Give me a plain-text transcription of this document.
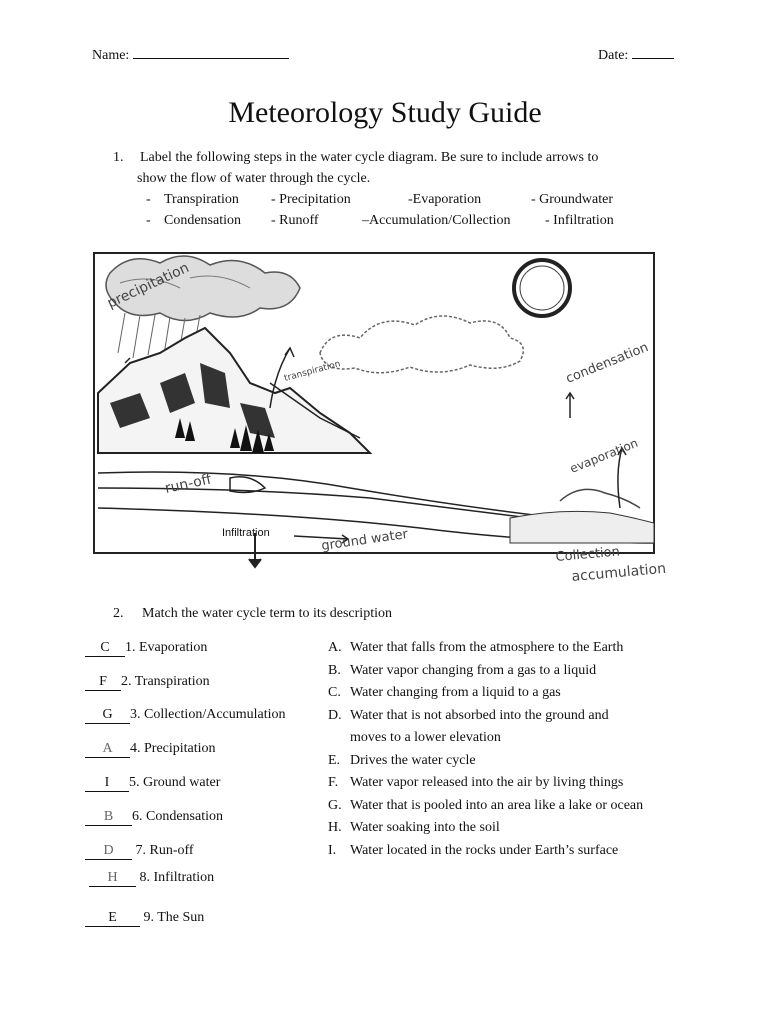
Name:	Date:
Meteorology Study Guide
1. Label the following steps in the water cycle diagram. Be sure to include arrows to
show the flow of water through the cycle.
- Transpiration - Precipitation	-Evaporation	- Groundwater
- Condensation - Runoff	–Accumulation/Collection - Infiltration
precipitation
transpiration	condensation
evaporation
run-off
Infiltration	ground water
Collection
accumulation
2. Match the water cycle term to its description
C 1. Evaporation
F 2. Transpiration
G 3. Collection/Accumulation
A 4. Precipitation
I 5. Ground water
B 6. Condensation
D 7. Run-off
H 8. Infiltration
E 9. The Sun
A. Water that falls from the atmosphere to the Earth
B. Water vapor changing from a gas to a liquid
C. Water changing from a liquid to a gas
D. Water that is not absorbed into the ground and
moves to a lower elevation
E. Drives the water cycle
F. Water vapor released into the air by living things
G. Water that is pooled into an area like a lake or ocean
H. Water soaking into the soil
I. Water located in the rocks under Earth’s surface
